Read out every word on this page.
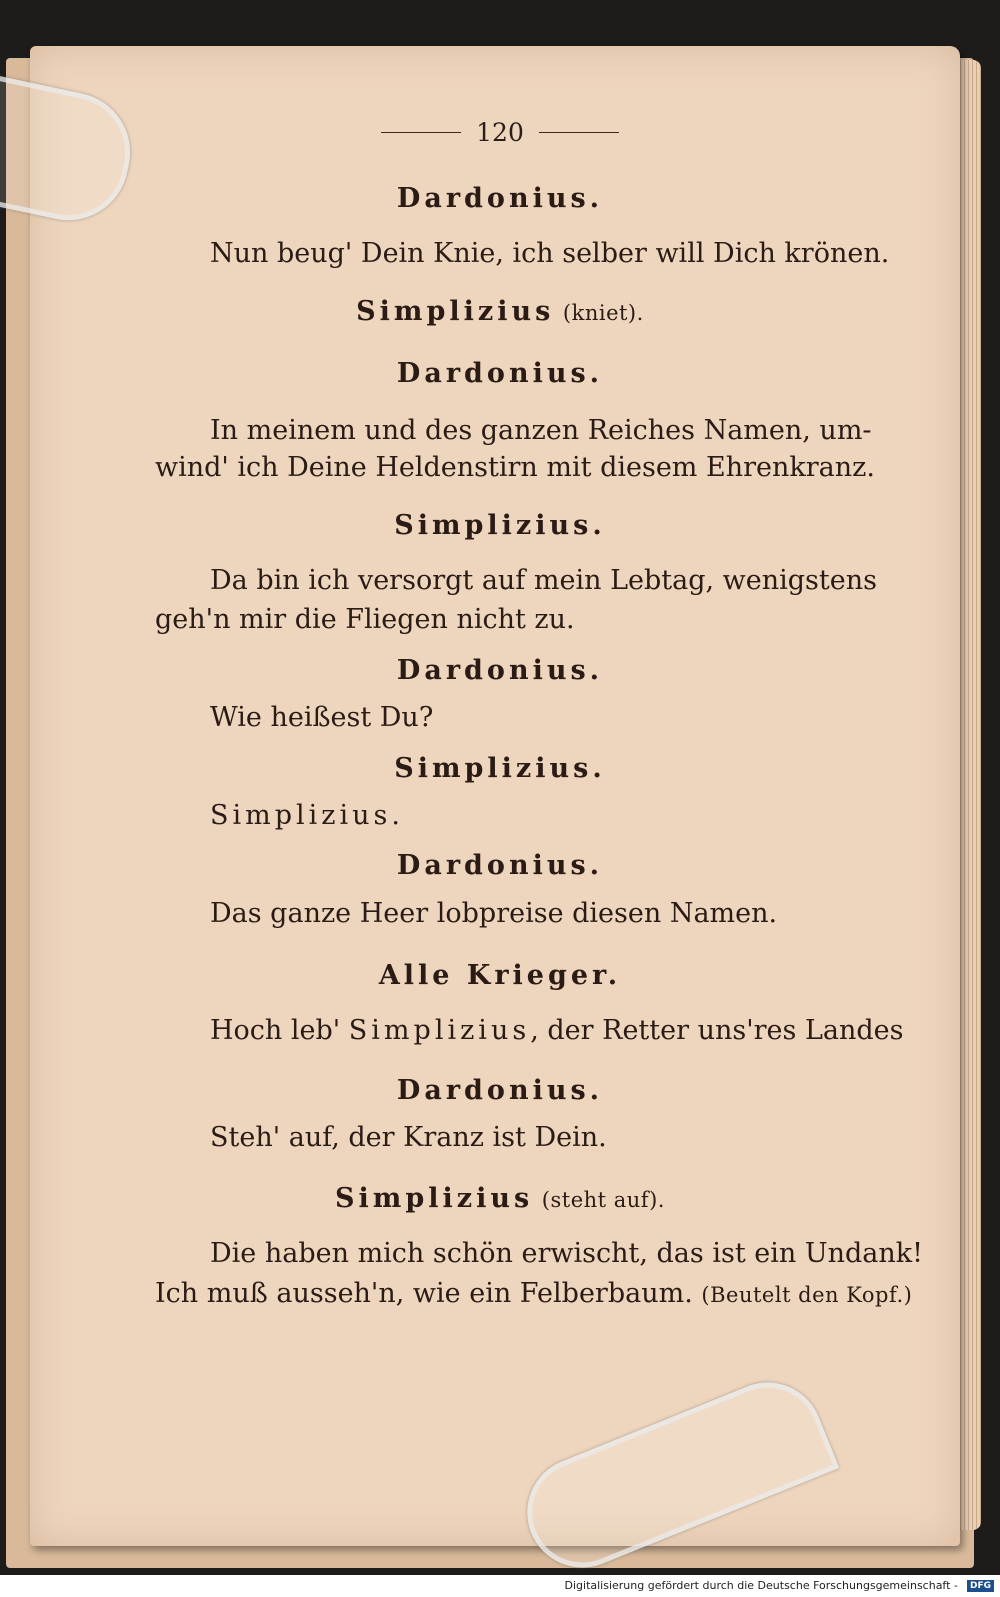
120
Dardonius.
Nun beug' Dein Knie, ich selber will Dich krönen.
Simplizius (kniet).
Dardonius.
In meinem und des ganzen Reiches Namen, um-
wind' ich Deine Heldenstirn mit diesem Ehrenkranz.
Simplizius.
Da bin ich versorgt auf mein Lebtag, wenigstens
geh'n mir die Fliegen nicht zu.
Dardonius.
Wie heißest Du?
Simplizius.
Simplizius.
Dardonius.
Das ganze Heer lobpreise diesen Namen.
Alle Krieger.
Hoch leb' Simplizius, der Retter uns'res Landes
Dardonius.
Steh' auf, der Kranz ist Dein.
Simplizius (steht auf).
Die haben mich schön erwischt, das ist ein Undank!
Ich muß ausseh'n, wie ein Felberbaum. (Beutelt den Kopf.)
Digitalisierung gefördert durch die Deutsche Forschungsgemeinschaft - DFG
